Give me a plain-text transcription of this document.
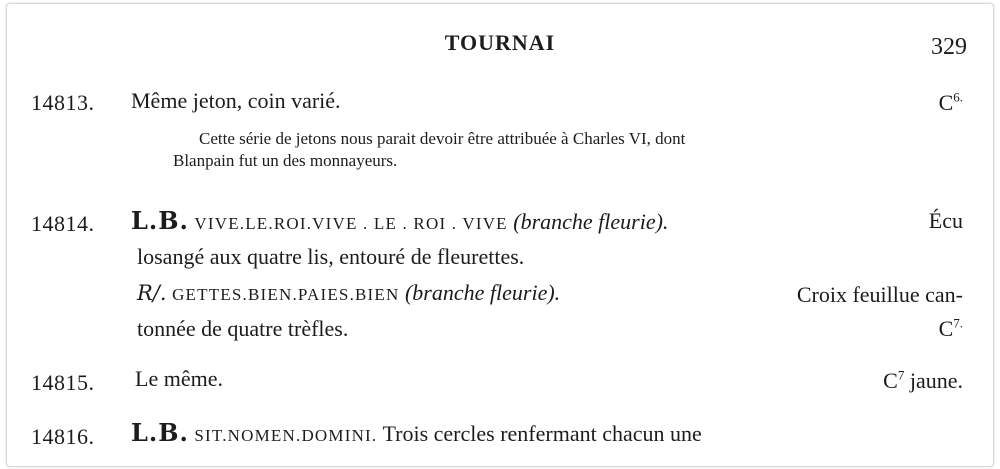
TOURNAI	329
14813. Même jeton, coin varié.	$C^{6.}$
Cette série de jetons nous parait devoir être attribuée à Charles VI, dont
Blanpain fut un des monnayeurs.
14814. L.B. VIVE.LE.ROI.VIVE . LE . ROI . VIVE (branche fleurie).	Écu
losangé aux quatre lis, entouré de fleurettes.
R/. GETTES.BIEN.PAIES.BIEN (branche fleurie).	Croix feuillue can-
tonnée de quatre trèfles.	$C^{7.}$
14815. Le même.	$C^7$ jaune.
14816. L.B. SIT.NOMEN.DOMINI. Trois cercles renfermant chacun une
